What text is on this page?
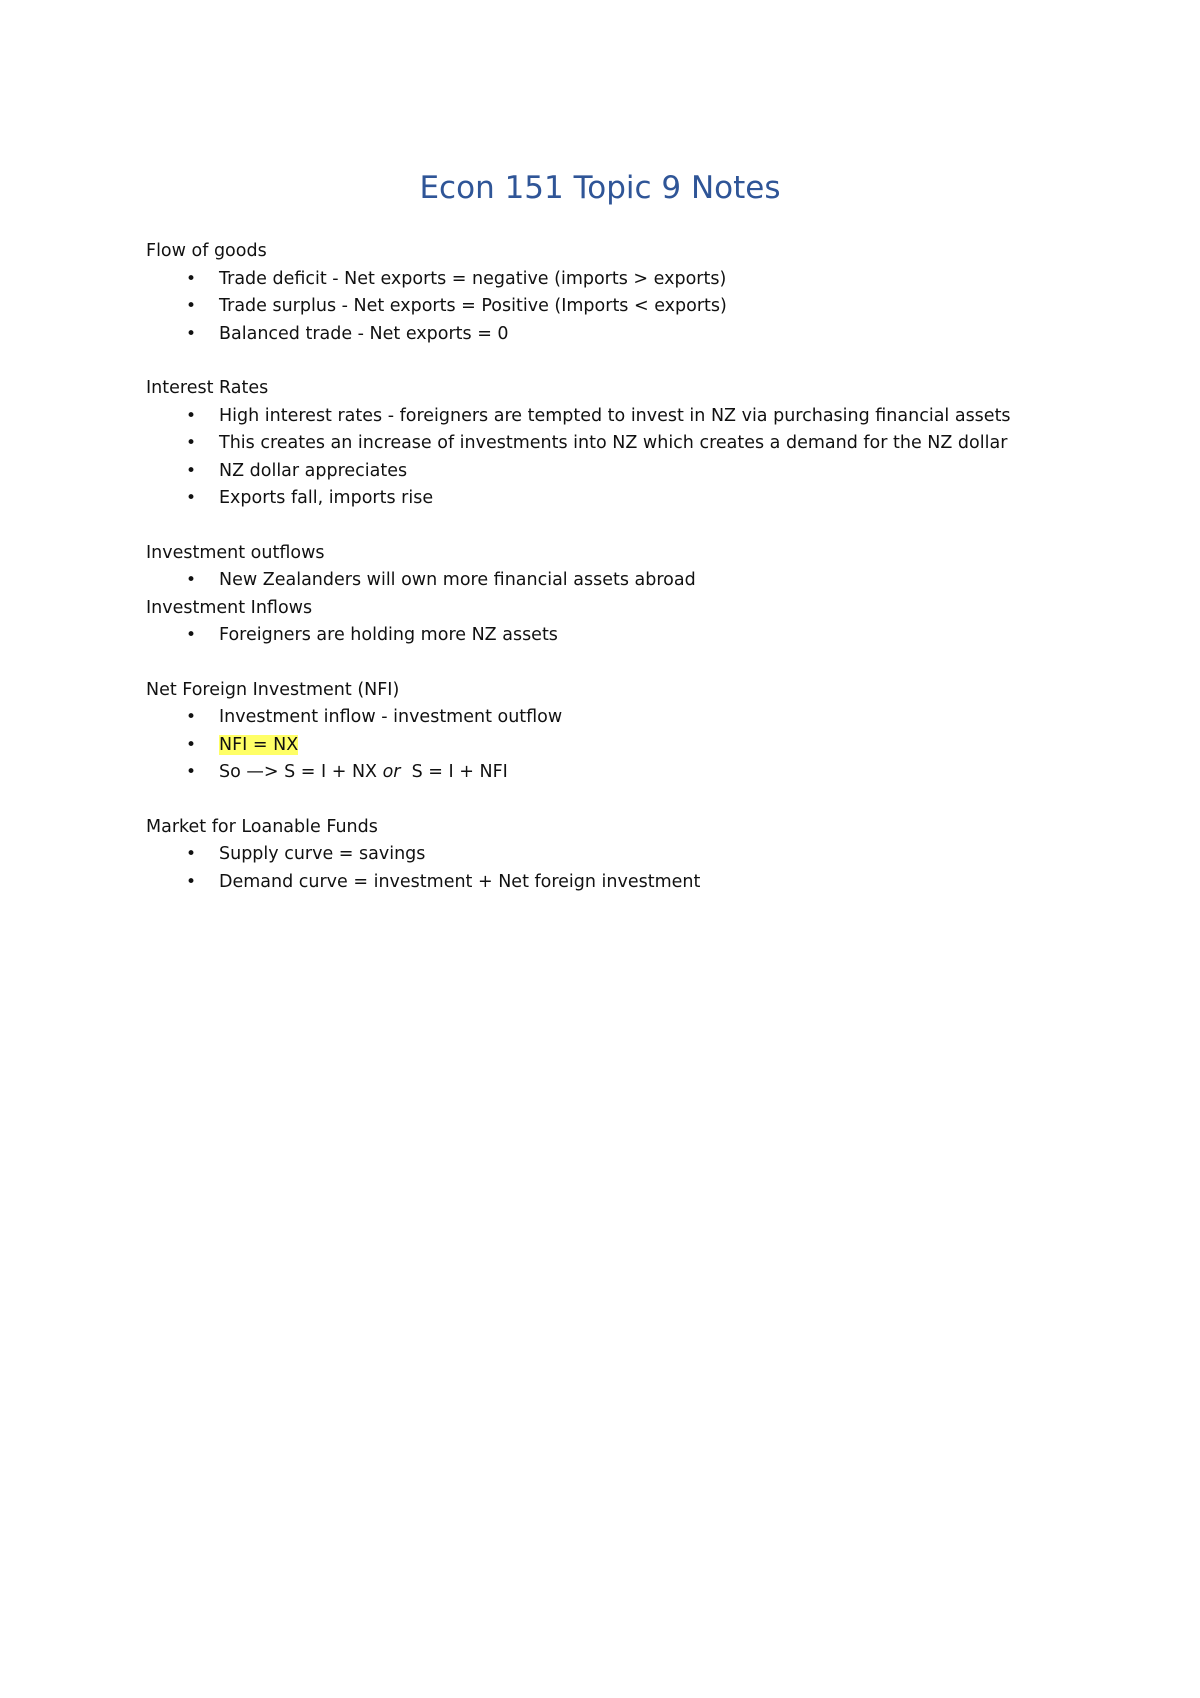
Econ 151 Topic 9 Notes
Flow of goods
• Trade deficit - Net exports = negative (imports > exports)
• Trade surplus - Net exports = Positive (Imports < exports)
• Balanced trade - Net exports = 0
Interest Rates
• High interest rates - foreigners are tempted to invest in NZ via purchasing financial assets
• This creates an increase of investments into NZ which creates a demand for the NZ dollar
• NZ dollar appreciates
• Exports fall, imports rise
Investment outflows
• New Zealanders will own more financial assets abroad
Investment Inflows
• Foreigners are holding more NZ assets
Net Foreign Investment (NFI)
• Investment inflow - investment outflow
• NFI = NX
• So —> S = I + NX or  S = I + NFI
Market for Loanable Funds
• Supply curve = savings
• Demand curve = investment + Net foreign investment
